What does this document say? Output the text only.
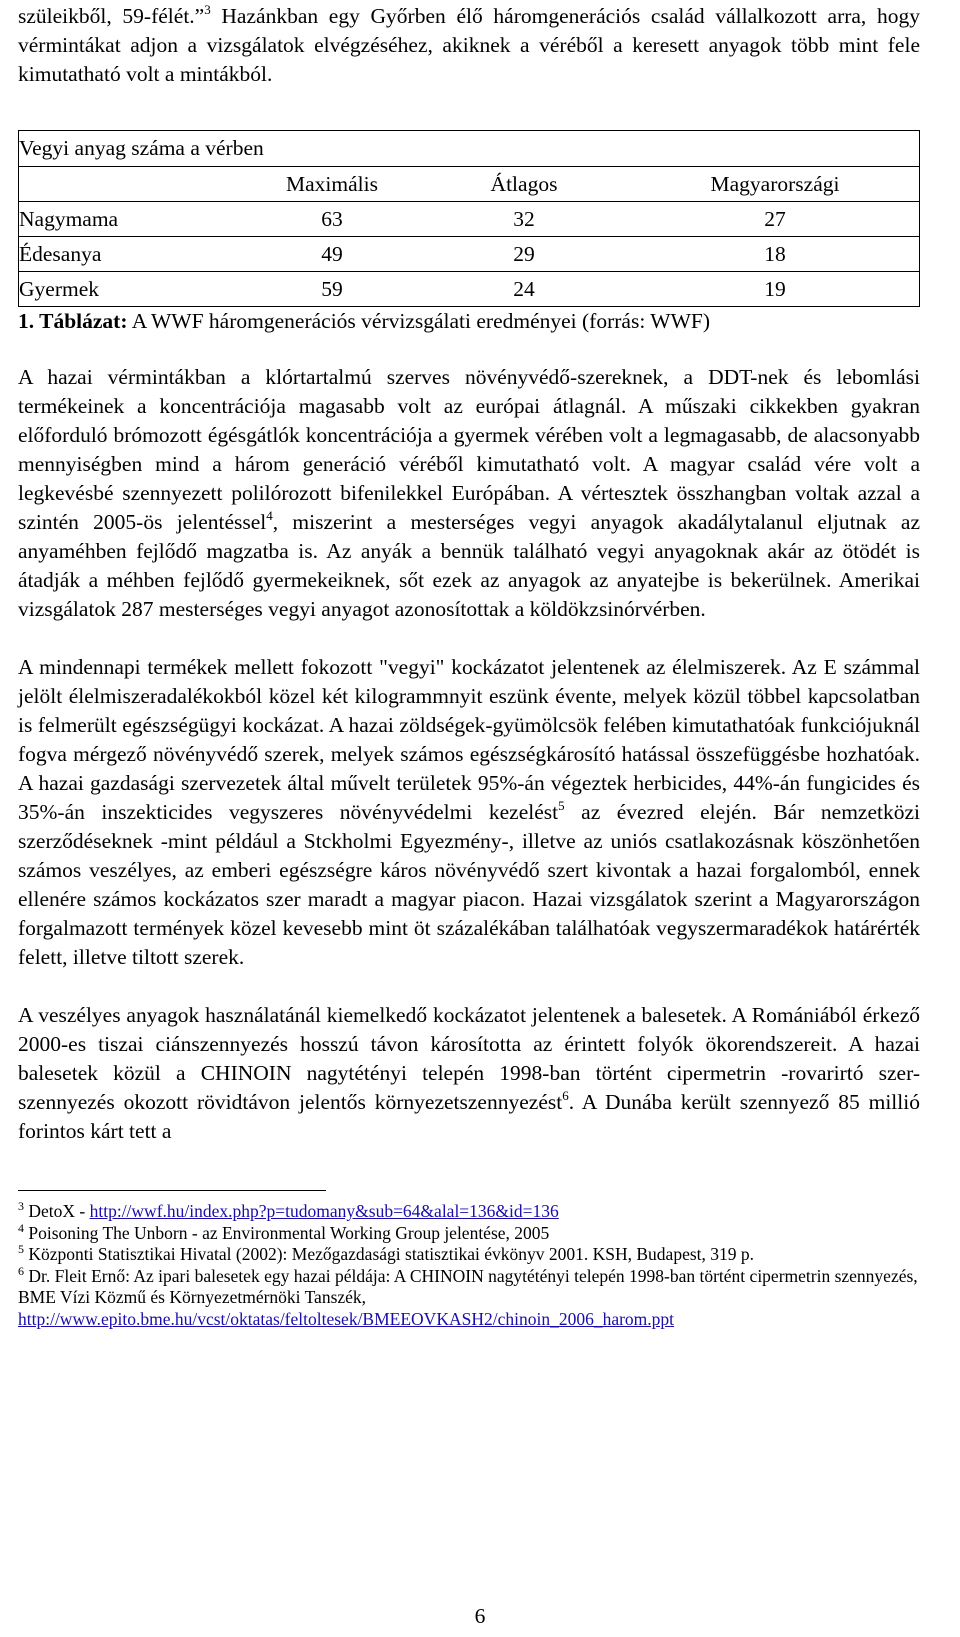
szüleikből, 59-félét.”$^3$ Hazánkban egy Győrben élő háromgenerációs család vállalkozott arra, hogy vérmintákat adjon a vizsgálatok elvégzéséhez, akiknek a véréből a keresett anyagok több mint fele kimutatható volt a mintákból.

Vegyi anyag száma a vérben			
	Maximális	Átlagos	Magyarországi
Nagymama	63	32	27
Édesanya	49	29	18
Gyermek	59	24	19

1. Táblázat: A WWF háromgenerációs vérvizsgálati eredményei (forrás: WWF)

A hazai vérmintákban a klórtartalmú szerves növényvédő-szereknek, a DDT-nek és lebomlási termékeinek a koncentrációja magasabb volt az európai átlagnál. A műszaki cikkekben gyakran előforduló brómozott égésgátlók koncentrációja a gyermek vérében volt a legmagasabb, de alacsonyabb mennyiségben mind a három generáció véréből kimutatható volt. A magyar család vére volt a legkevésbé szennyezett polilórozott bifenilekkel Európában. A vértesztek összhangban voltak azzal a szintén 2005-ös jelentéssel$^4$, miszerint a mesterséges vegyi anyagok akadálytalanul eljutnak az anyaméhben fejlődő magzatba is. Az anyák a bennük található vegyi anyagoknak akár az ötödét is átadják a méhben fejlődő gyermekeiknek, sőt ezek az anyagok az anyatejbe is bekerülnek. Amerikai vizsgálatok 287 mesterséges vegyi anyagot azonosítottak a köldökzsinórvérben.

A mindennapi termékek mellett fokozott "vegyi" kockázatot jelentenek az élelmiszerek. Az E számmal jelölt élelmiszeradalékokból közel két kilogrammnyit eszünk évente, melyek közül többel kapcsolatban is felmerült egészségügyi kockázat. A hazai zöldségek-gyümölcsök felében kimutathatóak funkciójuknál fogva mérgező növényvédő szerek, melyek számos egészségkárosító hatással összefüggésbe hozhatóak. A hazai gazdasági szervezetek által művelt területek 95%-án végeztek herbicides, 44%-án fungicides és 35%-án inszekticides vegyszeres növényvédelmi kezelést$^5$ az évezred elején. Bár nemzetközi szerződéseknek -mint például a Stckholmi Egyezmény-, illetve az uniós csatlakozásnak köszönhetően számos veszélyes, az emberi egészségre káros növényvédő szert kivontak a hazai forgalomból, ennek ellenére számos kockázatos szer maradt a magyar piacon. Hazai vizsgálatok szerint a Magyarországon forgalmazott termények közel kevesebb mint öt százalékában találhatóak vegyszermaradékok határérték felett, illetve tiltott szerek.

A veszélyes anyagok használatánál kiemelkedő kockázatot jelentenek a balesetek. A Romániából érkező 2000-es tiszai ciánszennyezés hosszú távon károsította az érintett folyók ökorendszereit. A hazai balesetek közül a CHINOIN nagytétényi telepén 1998-ban történt cipermetrin -rovarirtó szer- szennyezés okozott rövidtávon jelentős környezetszennyezést$^6$. A Dunába került szennyező 85 millió forintos kárt tett a

$^3$ DetoX - http://wwf.hu/index.php?p=tudomany&sub=64&alal=136&id=136

$^4$ Poisoning The Unborn - az Environmental Working Group jelentése, 2005

$^5$ Központi Statisztikai Hivatal (2002): Mezőgazdasági statisztikai évkönyv 2001. KSH, Budapest, 319 p.

$^6$ Dr. Fleit Ernő: Az ipari balesetek egy hazai példája: A CHINOIN nagytétényi telepén 1998-ban történt cipermetrin szennyezés, BME Vízi Közmű és Környezetmérnöki Tanszék,
http://www.epito.bme.hu/vcst/oktatas/feltoltesek/BMEEOVKASH2/chinoin_2006_harom.ppt

6
